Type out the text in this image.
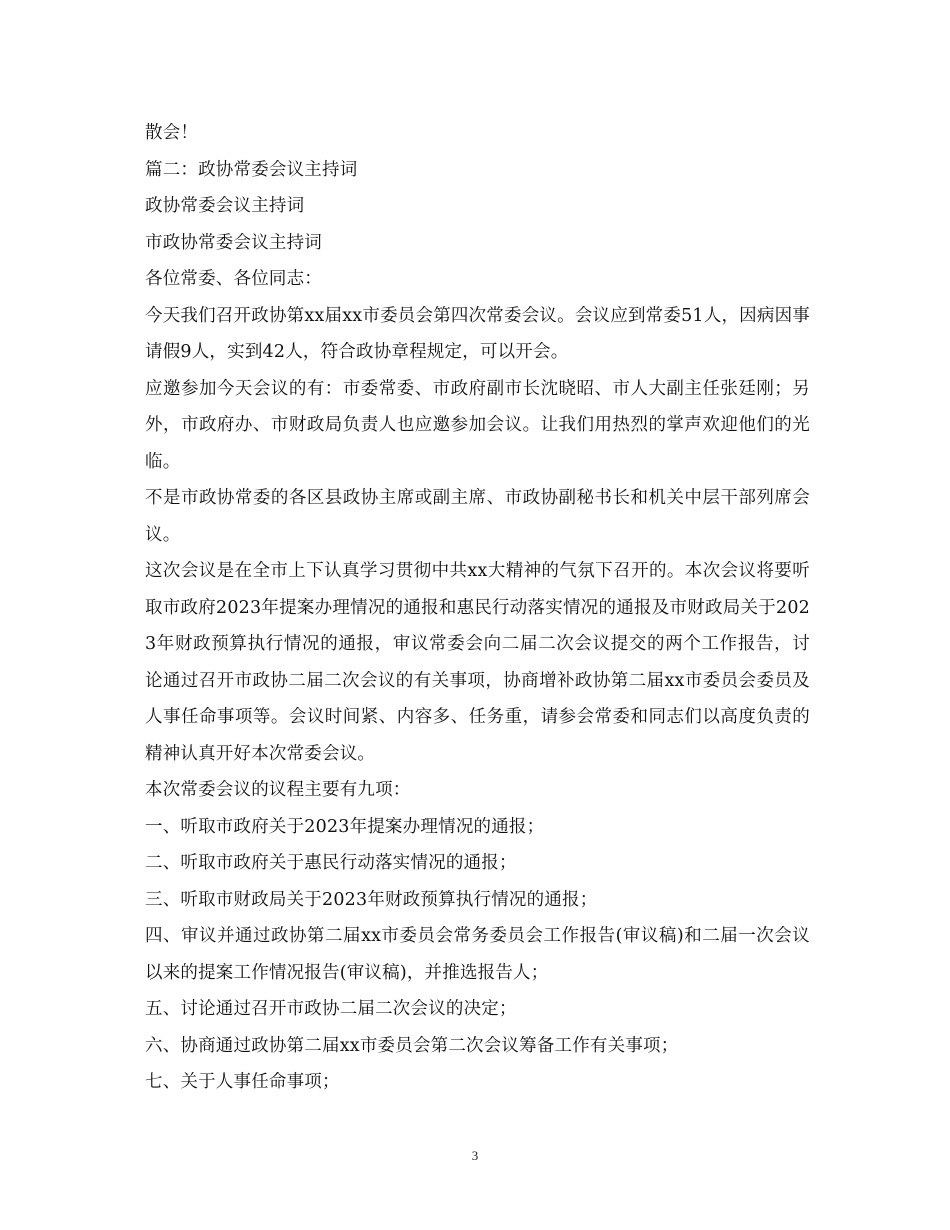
散会！

篇二：政协常委会议主持词

政协常委会议主持词

市政协常委会议主持词

各位常委、各位同志：

今天我们召开政协第xx届xx市委员会第四次常委会议。会议应到常委51人，因病因事请假9人，实到42人，符合政协章程规定，可以开会。

应邀参加今天会议的有：市委常委、市政府副市长沈晓昭、市人大副主任张廷刚；另外，市政府办、市财政局负责人也应邀参加会议。让我们用热烈的掌声欢迎他们的光临。

不是市政协常委的各区县政协主席或副主席、市政协副秘书长和机关中层干部列席会议。

这次会议是在全市上下认真学习贯彻中共xx大精神的气氛下召开的。本次会议将要听取市政府2023年提案办理情况的通报和惠民行动落实情况的通报及市财政局关于2023年财政预算执行情况的通报，审议常委会向二届二次会议提交的两个工作报告，讨论通过召开市政协二届二次会议的有关事项，协商增补政协第二届xx市委员会委员及人事任命事项等。会议时间紧、内容多、任务重，请参会常委和同志们以高度负责的精神认真开好本次常委会议。

本次常委会议的议程主要有九项：

一、听取市政府关于2023年提案办理情况的通报；

二、听取市政府关于惠民行动落实情况的通报；

三、听取市财政局关于2023年财政预算执行情况的通报；

四、审议并通过政协第二届xx市委员会常务委员会工作报告(审议稿)和二届一次会议以来的提案工作情况报告(审议稿)，并推选报告人；

五、讨论通过召开市政协二届二次会议的决定；

六、协商通过政协第二届xx市委员会第二次会议筹备工作有关事项；

七、关于人事任命事项；

3
